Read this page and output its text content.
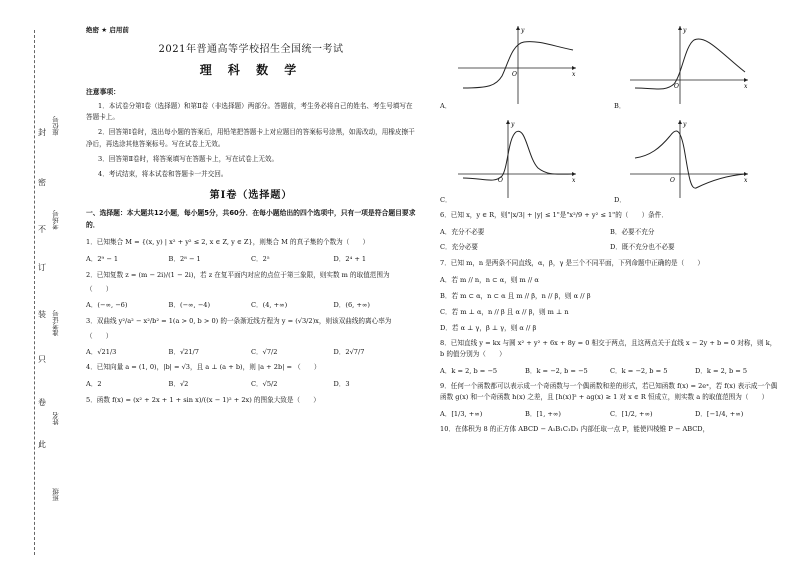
封
密
不
订
装
只
卷
此
座位号
考场号
准考证号
姓名
班级
绝密 ★ 启用前
2021年普通高等学校招生全国统一考试
理 科 数 学
注意事项：
1．本试卷分第Ⅰ卷（选择题）和第Ⅱ卷（非选择题）两部分。答题前，考生务必将自己的姓名、考生号填写在答题卡上。
2．回答第Ⅰ卷时，选出每小题的答案后，用铅笔把答题卡上对应题目的答案标号涂黑，如需改动，用橡皮擦干净后，再选涂其他答案标号。写在试卷上无效。
3．回答第Ⅱ卷时，将答案填写在答题卡上，写在试卷上无效。
4．考试结束，将本试卷和答题卡一并交回。
第Ⅰ卷（选择题）
一、选择题：本大题共12小题，每小题5分，共60分．在每小题给出的四个选项中，只有一项是符合题目要求的．
1．已知集合 M = {(x, y) | x² + y² ≤ 2, x ∈ Z, y ∈ Z}，则集合 M 的真子集的个数为（　　）
A．2⁹ − 1	B．2⁸ − 1	C．2⁵	D．2⁴ + 1
2．已知复数 z = (m − 2i)/(1 − 2i)，若 z 在复平面内对应的点位于第三象限，则实数 m 的取值范围为
（　　）
A．(−∞, −6)	B．(−∞, −4)	C．(4, +∞)	D．(6, +∞)
3．双曲线 y²/a² − x²/b² = 1(a > 0, b > 0) 的一条渐近线方程为 y = (√3/2)x，则该双曲线的离心率为
（　　）
A．√21/3	B．√21/7	C．√7/2	D．2√7/7
4．已知向量 a = (1, 0)，|b| = √3，且 a ⊥ (a + b)，则 |a + 2b| = （　　）
A．2	B．√2	C．√5/2	D．3
5．函数 f(x) = (x² + 2x + 1 + sin x)/((x − 1)² + 2x) 的图象大致是（　　）
y
x
O
A．
y
x
O
B．
y
x
O
C．
y
x
O
D．
6．已知 x，y ∈ R，则"|x/3| + |y| ≤ 1"是"x²/9 + y² ≤ 1"的（　　）条件．
A．充分不必要	B．必要不充分
C．充分必要	D．既不充分也不必要
7．已知 m，n 是两条不同直线，α，β，γ 是三个不同平面，下列命题中正确的是（　　）
A．若 m // n，n ⊂ α，则 m // α
B．若 m ⊂ α，n ⊂ α 且 m // β，n // β，则 α // β
C．若 m ⊥ α，n // β 且 α // β，则 m ⊥ n
D．若 α ⊥ γ，β ⊥ γ，则 α // β
8．已知直线 y = kx 与圆 x² + y² + 6x + 8y = 0 相交于两点，且这两点关于直线 x − 2y + b = 0 对称，则 k，b 的值分别为（　　）
A．k = 2, b = −5	B．k = −2, b = −5	C．k = −2, b = 5	D．k = 2, b = 5
9．任何一个函数都可以表示成一个奇函数与一个偶函数和差的形式，若已知函数 f(x) = 2eˣ，若 f(x) 表示成一个偶函数 g(x) 和一个奇函数 h(x) 之差，且 [h(x)]² + ag(x) ≥ 1 对 x ∈ R 恒成立，则实数 a 的取值范围为（　　）
A．[1/3, +∞)	B．[1, +∞)	C．[1/2, +∞)	D．[−1/4, +∞)
10．在体积为 8 的正方体 ABCD − A₁B₁C₁D₁ 内部任取一点 P，能使四棱锥 P − ABCD，
